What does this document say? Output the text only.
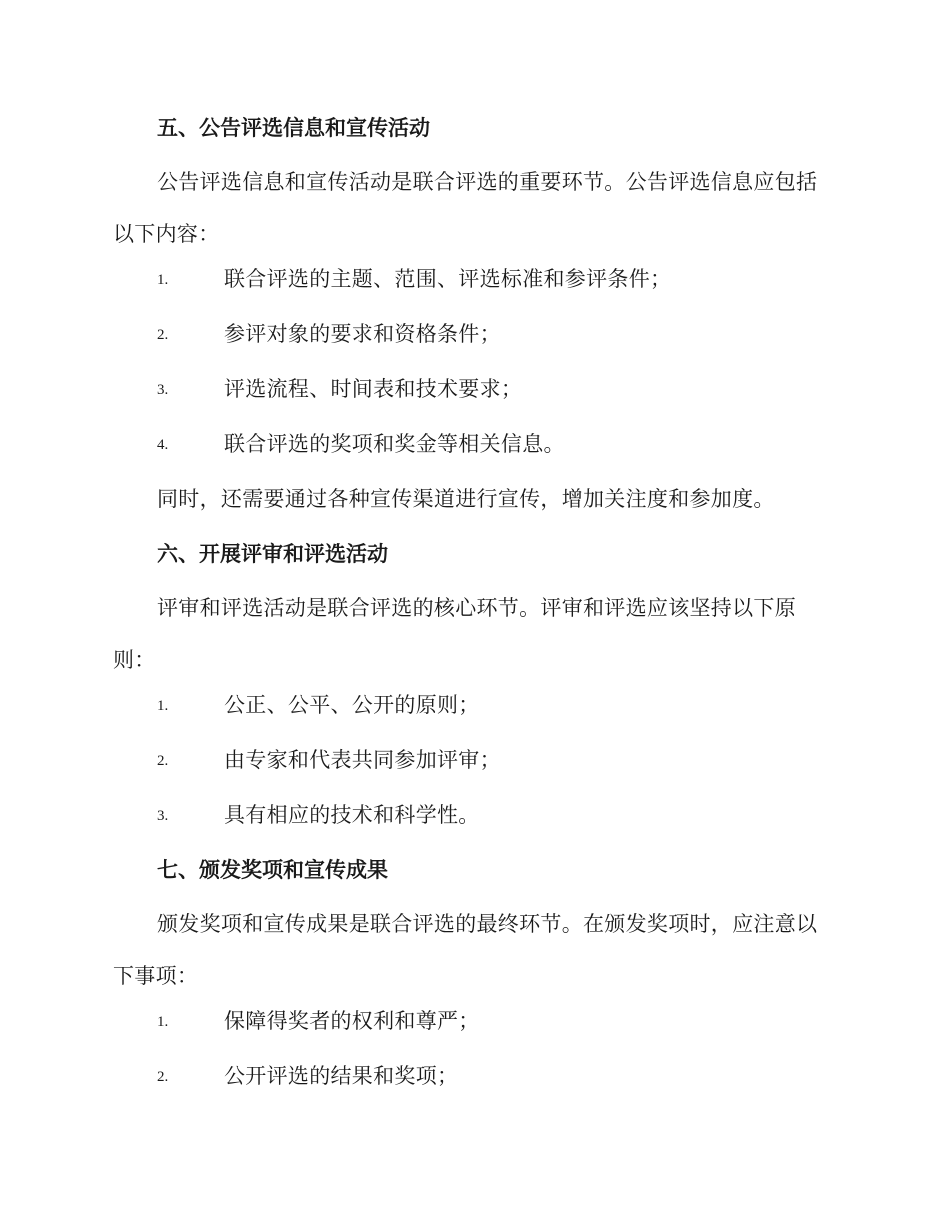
五、公告评选信息和宣传活动
公告评选信息和宣传活动是联合评选的重要环节。公告评选信息应包括以下内容：
1.	联合评选的主题、范围、评选标准和参评条件；
2.	参评对象的要求和资格条件；
3.	评选流程、时间表和技术要求；
4.	联合评选的奖项和奖金等相关信息。
同时，还需要通过各种宣传渠道进行宣传，增加关注度和参加度。
六、开展评审和评选活动
评审和评选活动是联合评选的核心环节。评审和评选应该坚持以下原则：
1.	公正、公平、公开的原则；
2.	由专家和代表共同参加评审；
3.	具有相应的技术和科学性。
七、颁发奖项和宣传成果
颁发奖项和宣传成果是联合评选的最终环节。在颁发奖项时，应注意以下事项：
1.	保障得奖者的权利和尊严；
2.	公开评选的结果和奖项；
